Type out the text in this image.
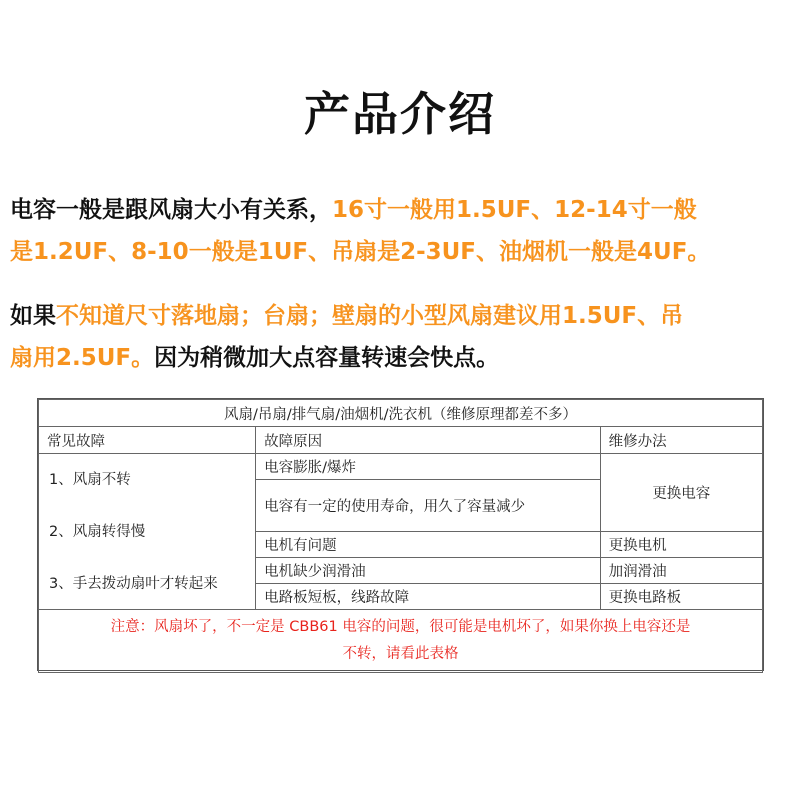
产品介绍
电容一般是跟风扇大小有关系，16寸一般用1.5UF、12-14寸一般
是1.2UF、8-10一般是1UF、吊扇是2-3UF、油烟机一般是4UF。
如果不知道尺寸落地扇；台扇；壁扇的小型风扇建议用1.5UF、吊
扇用2.5UF。因为稍微加大点容量转速会快点。
风扇/吊扇/排气扇/油烟机/洗衣机（维修原理都差不多）		
常见故障	故障原因	维修办法

1、风扇不转
2、风扇转得慢
3、手去拨动扇叶才转起来	电容膨胀/爆炸	更换电容
	电容有一定的使用寿命，用久了容量减少	
	电机有问题	更换电机
	电机缺少润滑油	加润滑油
	电路板短板，线路故障	更换电路板

注意：风扇坏了，不一定是 CBB61 电容的问题，很可能是电机坏了，如果你换上电容还是
不转，请看此表格		
